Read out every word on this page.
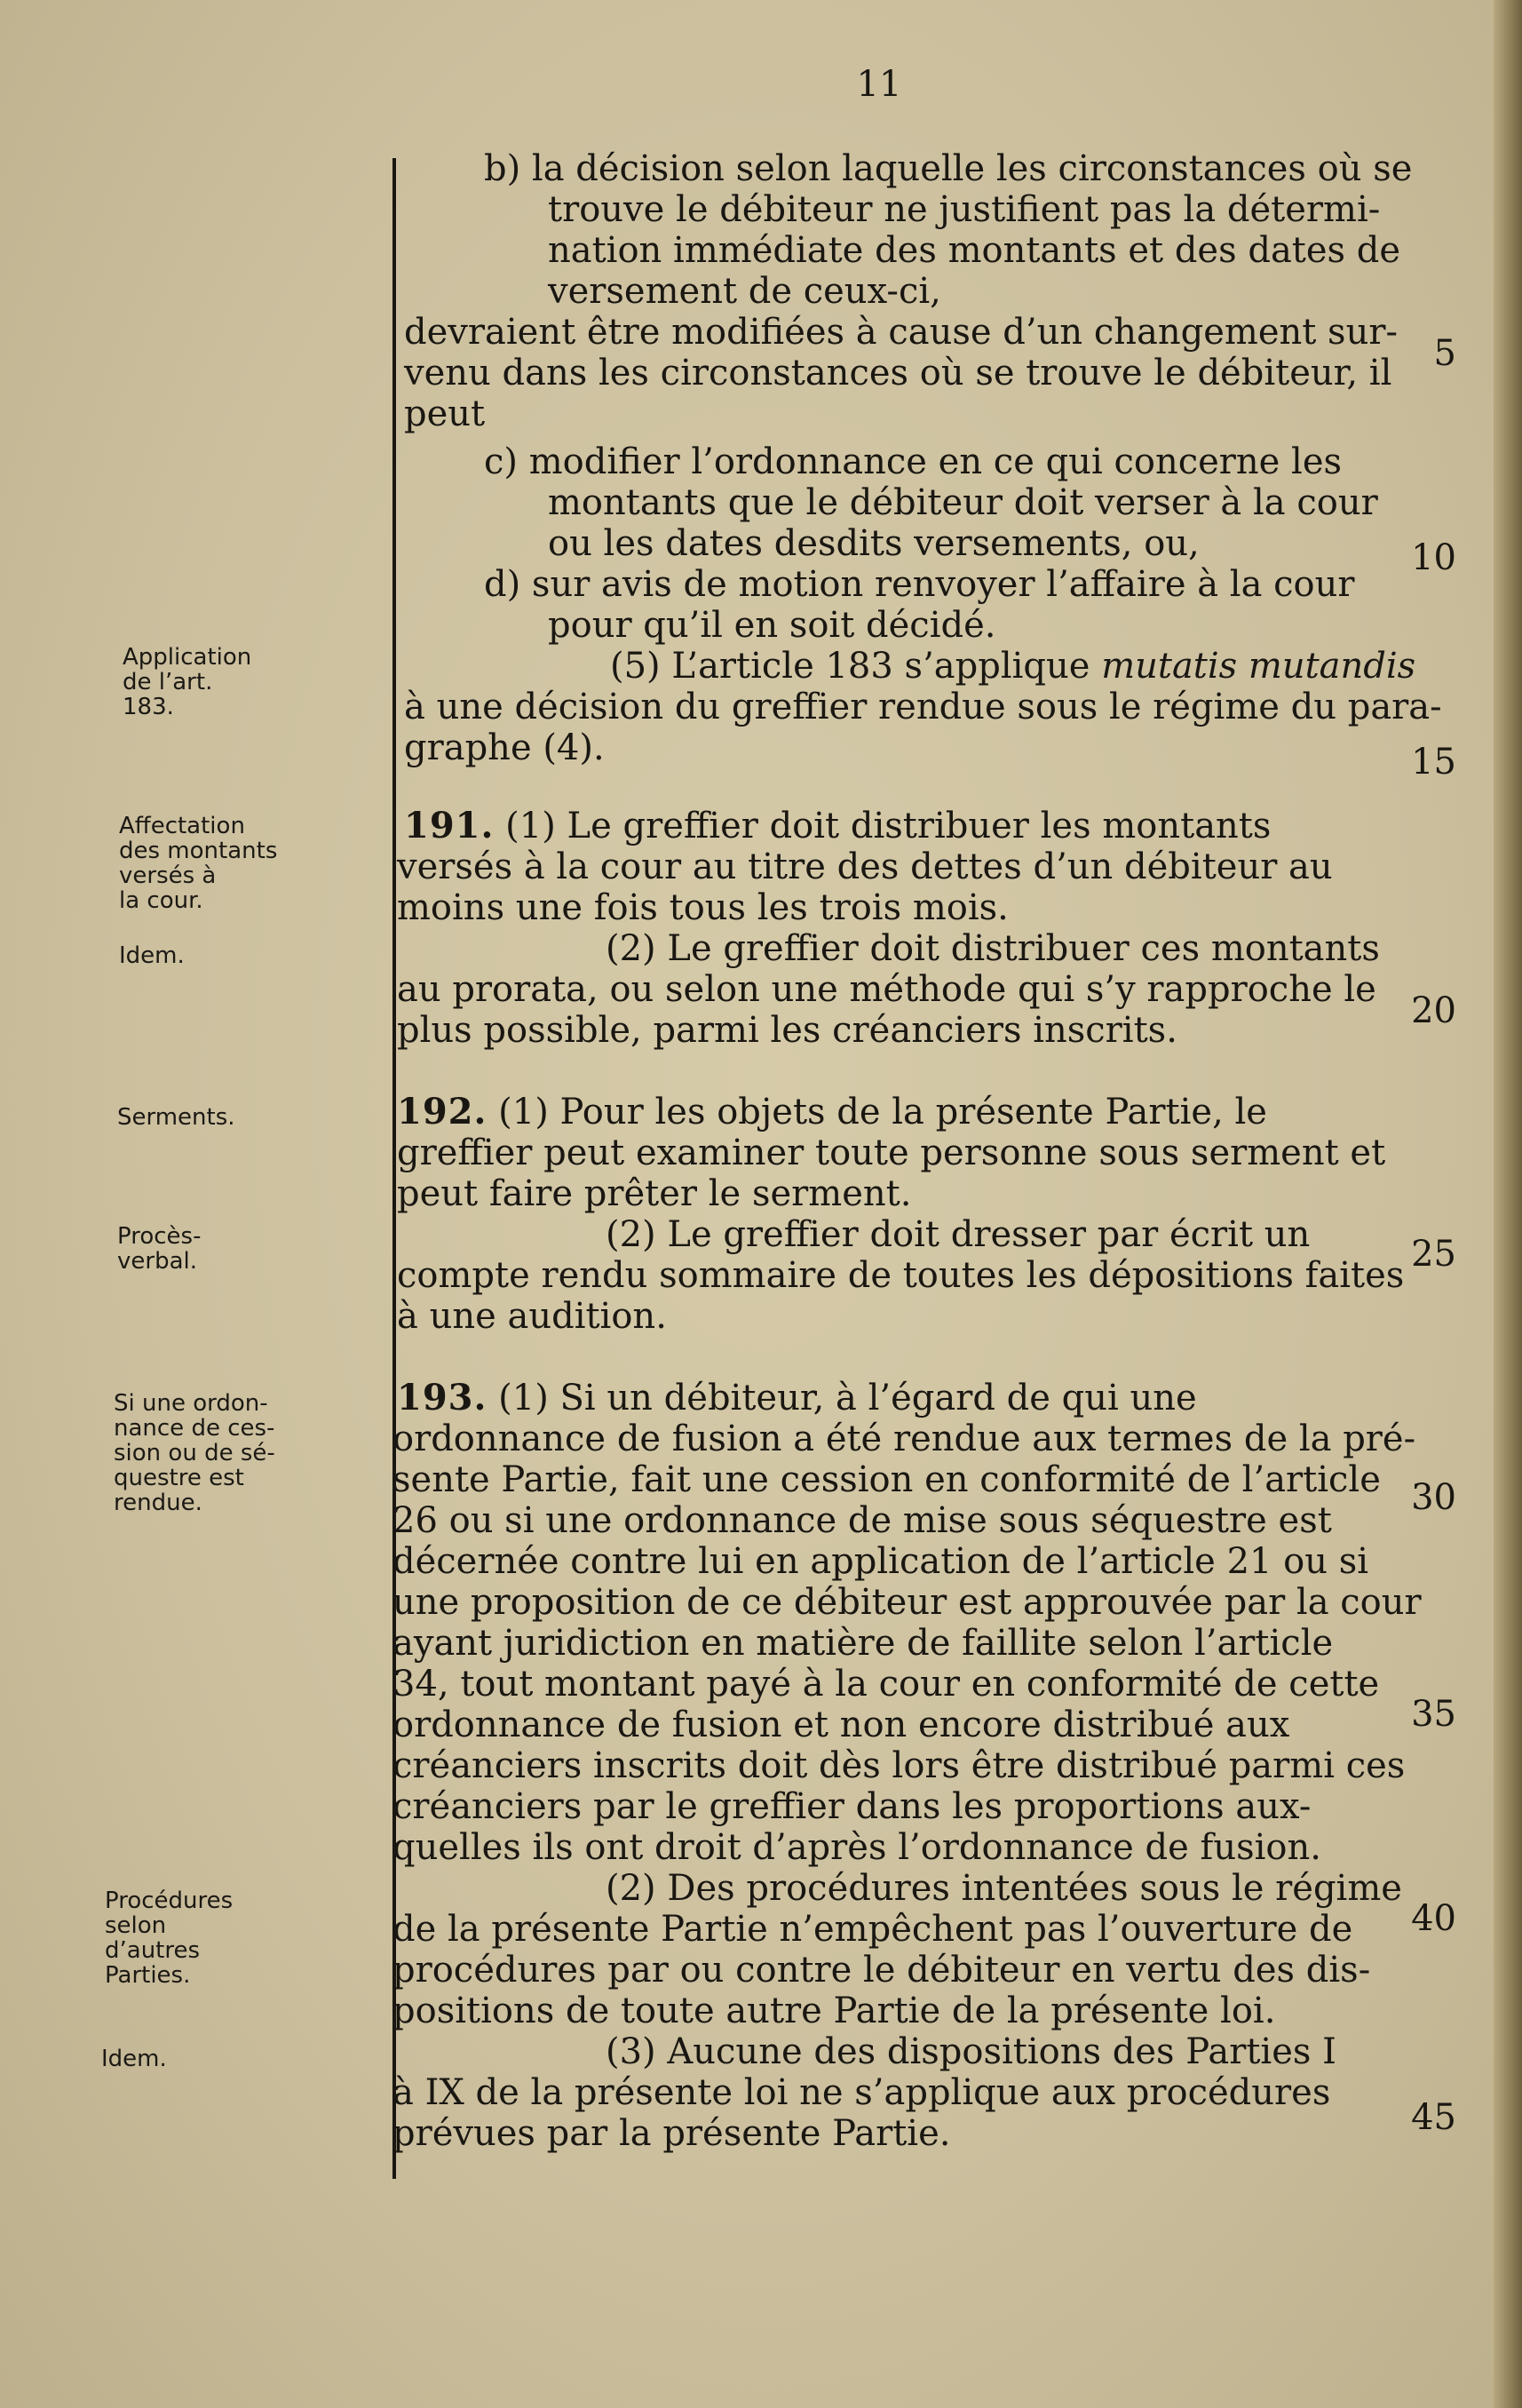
11
b) la décision selon laquelle les circonstances où se
trouve le débiteur ne justifient pas la détermi-
nation immédiate des montants et des dates de
versement de ceux-ci,
devraient être modifiées à cause d’un changement sur-
venu dans les circonstances où se trouve le débiteur, il
peut
c) modifier l’ordonnance en ce qui concerne les
montants que le débiteur doit verser à la cour
ou les dates desdits versements, ou,
d) sur avis de motion renvoyer l’affaire à la cour
pour qu’il en soit décidé.
(5) L’article 183 s’applique mutatis mutandis
à une décision du greffier rendue sous le régime du para-
graphe (4).
191. (1) Le greffier doit distribuer les montants
versés à la cour au titre des dettes d’un débiteur au
moins une fois tous les trois mois.
(2) Le greffier doit distribuer ces montants
au prorata, ou selon une méthode qui s’y rapproche le
plus possible, parmi les créanciers inscrits.
192. (1) Pour les objets de la présente Partie, le
greffier peut examiner toute personne sous serment et
peut faire prêter le serment.
(2) Le greffier doit dresser par écrit un
compte rendu sommaire de toutes les dépositions faites
à une audition.
193. (1) Si un débiteur, à l’égard de qui une
ordonnance de fusion a été rendue aux termes de la pré-
sente Partie, fait une cession en conformité de l’article
26 ou si une ordonnance de mise sous séquestre est
décernée contre lui en application de l’article 21 ou si
une proposition de ce débiteur est approuvée par la cour
ayant juridiction en matière de faillite selon l’article
34, tout montant payé à la cour en conformité de cette
ordonnance de fusion et non encore distribué aux
créanciers inscrits doit dès lors être distribué parmi ces
créanciers par le greffier dans les proportions aux-
quelles ils ont droit d’après l’ordonnance de fusion.
(2) Des procédures intentées sous le régime
de la présente Partie n’empêchent pas l’ouverture de
procédures par ou contre le débiteur en vertu des dis-
positions de toute autre Partie de la présente loi.
(3) Aucune des dispositions des Parties I
à IX de la présente loi ne s’applique aux procédures
prévues par la présente Partie.
5
10
15
20
25
30
35
40
45
Application
de l’art.
183.
Affectation
des montants
versés à
la cour.
Idem.
Serments.
Procès-
verbal.
Si une ordon-
nance de ces-
sion ou de sé-
questre est
rendue.
Procédures
selon
d’autres
Parties.
Idem.
